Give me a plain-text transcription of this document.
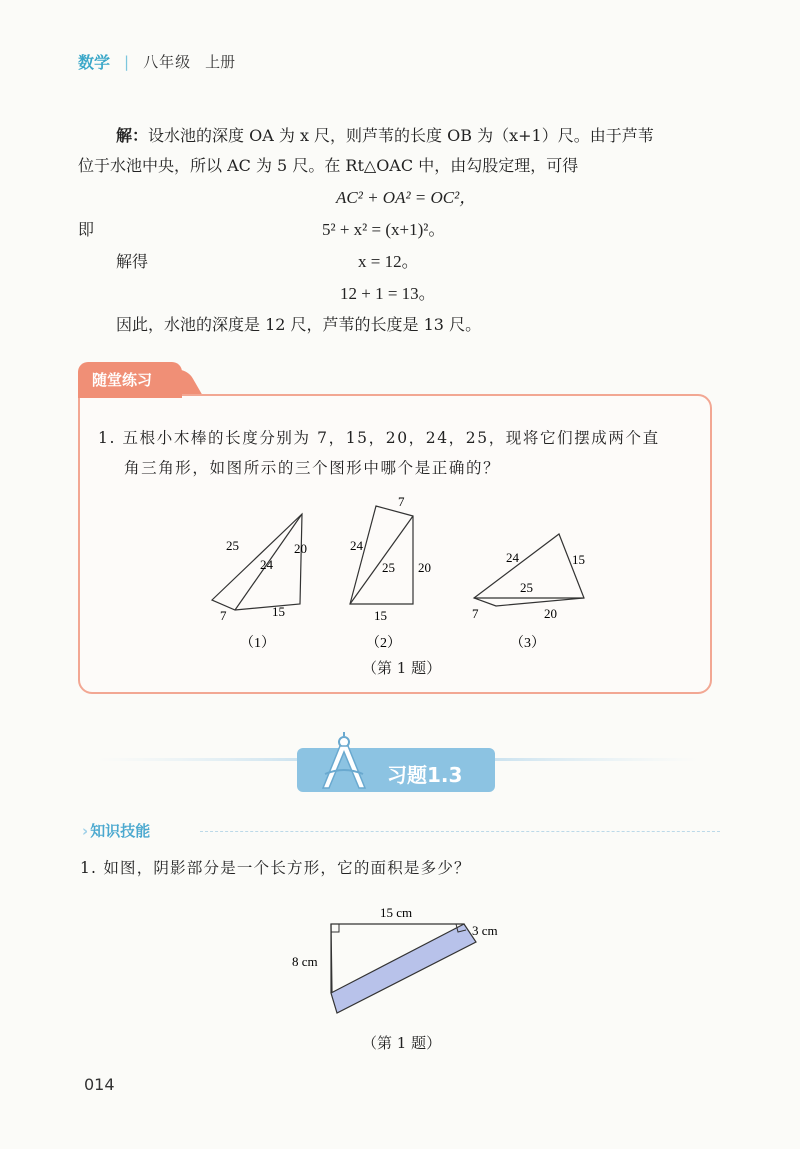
数学 | 八年级 上册
解：设水池的深度 OA 为 x 尺，则芦苇的长度 OB 为（x+1）尺。由于芦苇
位于水池中央，所以 AC 为 5 尺。在 Rt△OAC 中，由勾股定理，可得
AC² + OA² = OC²，
即	5² + x² = (x+1)²。
解得	x = 12。
12 + 1 = 13。
因此，水池的深度是 12 尺，芦苇的长度是 13 尺。
随堂练习
1. 五根小木棒的长度分别为 7，15，20，24，25，现将它们摆成两个直
角三角形，如图所示的三个图形中哪个是正确的？
25	20
24
7	15
（1）
7
24
25 20
15
（2）
24	15
25
7	20
（3）
（第 1 题）
习题1.3
› 知识技能
1. 如图，阴影部分是一个长方形，它的面积是多少？
15 cm
3 cm
8 cm
（第 1 题）
014
